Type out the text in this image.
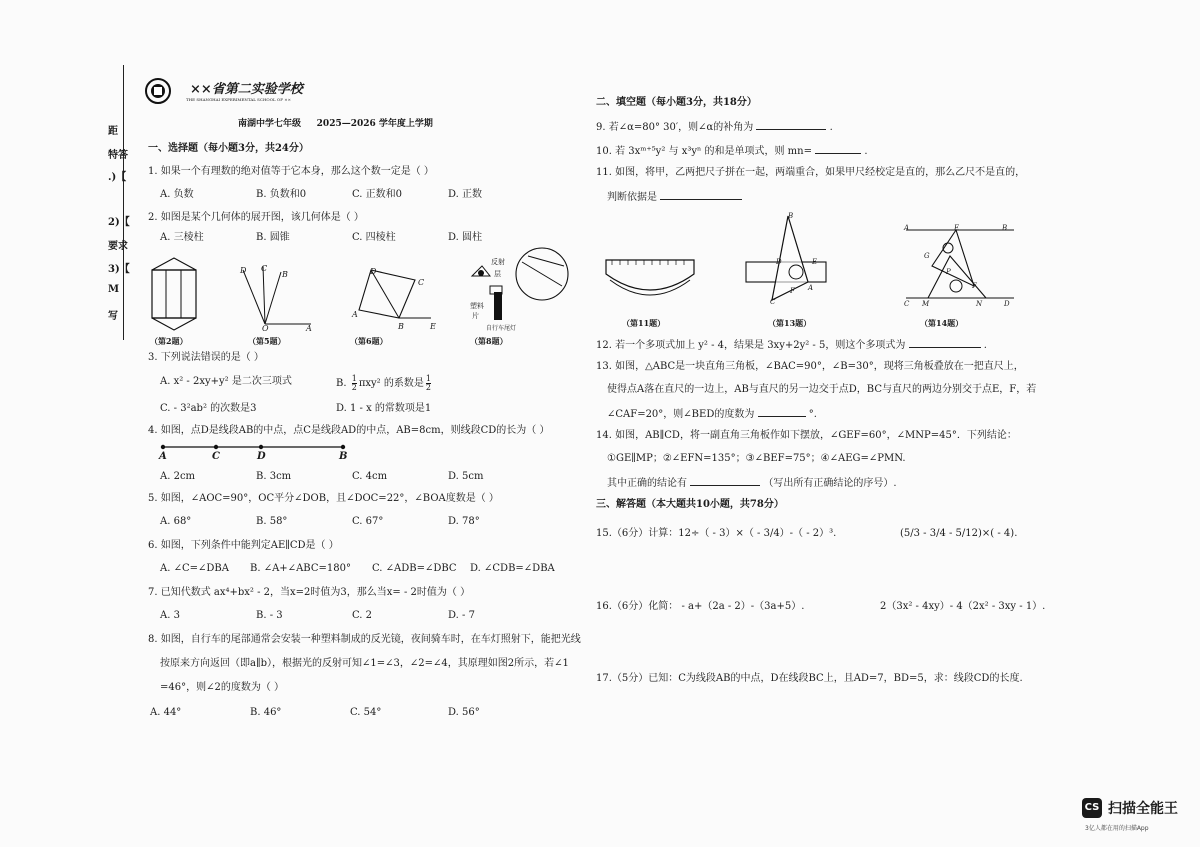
距
特答
.)【
2)【
要求
3)【
M
写
××省第二实验学校
THE SHANGHAI EXPERIMENTAL SCHOOL OF ××
南湖中学七年级     2025—2026 学年度上学期
一、选择题（每小题3分，共24分）
1. 如果一个有理数的绝对值等于它本身，那么这个数一定是（ ）
A. 负数	B. 负数和0	C. 正数和0	D. 正数
2. 如图是某个几何体的展开图，该几何体是（ ）
A. 三棱柱	B. 圆锥	C. 四棱柱	D. 圆柱
（第2题）
D C
B
O	A
（第5题）
D
A
C
B	E
（第6题）
反射
层
塑料
片
自行车尾灯
（第8题）
3. 下列说法错误的是（ ）
A. x² - 2xy+y² 是二次三项式	B. $\frac{1}{2} \pi xy^2$ 的系数是 $\frac{1}{2}$
C. - 3²ab² 的次数是3	D. 1 - x 的常数项是1
4. 如图，点D是线段AB的中点，点C是线段AD的中点，AB=8cm，则线段CD的长为（ ）
A	C	D	B
A. 2cm	B. 3cm	C. 4cm	D. 5cm
5. 如图，∠AOC=90°，OC平分∠DOB，且∠DOC=22°，∠BOA度数是（ ）
A. 68°	B. 58°	C. 67°	D. 78°
6. 如图，下列条件中能判定AE∥CD是（ ）
A. ∠C=∠DBA B. ∠A+∠ABC=180° C. ∠ADB=∠DBC D. ∠CDB=∠DBA
7. 已知代数式 ax⁴+bx² - 2，当x=2时值为3，那么当x= - 2时值为（ ）
A. 3	B. - 3	C. 2	D. - 7
8. 如图，自行车的尾部通常会安装一种塑料制成的反光镜，夜间骑车时，在车灯照射下，能把光线
按原来方向返回（即a∥b），根据光的反射可知∠1=∠3，∠2=∠4，其原理如图2所示，若∠1
=46°，则∠2的度数为（ ）
A. 44°	B. 46°	C. 54°	D. 56°
二、填空题（每小题3分，共18分）
9. 若∠α=80° 30′，则∠α的补角为	.
10. 若 3xᵐ⁺⁵y² 与 x³yⁿ 的和是单项式，则 mn=	.
11. 如图，将甲，乙两把尺子拼在一起，两端重合，如果甲尺经校定是直的，那么乙尺不是直的，
判断依据是
（第11题）
B
D	E
F
C
A
（第13题）
A	E	B
G
P
F
C M	N	D
（第14题）
12. 若一个多项式加上 y² - 4，结果是 3xy+2y² - 5，则这个多项式为	.
13. 如图，△ABC是一块直角三角板，∠BAC=90°，∠B=30°，现将三角板叠放在一把直尺上，
使得点A落在直尺的一边上，AB与直尺的另一边交于点D，BC与直尺的两边分别交于点E，F，若
∠CAF=20°，则∠BED的度数为	°.
14. 如图，AB∥CD，将一副直角三角板作如下摆放，∠GEF=60°，∠MNP=45°．下列结论：
①GE∥MP；②∠EFN=135°；③∠BEF=75°；④∠AEG=∠PMN.
其中正确的结论有	（写出所有正确结论的序号）.
三、解答题（本大题共10小题，共78分）
15.（6分）计算：12÷（ - 3）×（ - 3/4）-（ - 2）³.	(5/3 - 3/4 - 5/12)×( - 4).
16.（6分）化简： - a+（2a - 2）-（3a+5）.	2（3x² - 4xy）- 4（2x² - 3xy - 1）.
17.（5分）已知：C为线段AB的中点，D在线段BC上，且AD=7，BD=5，求：线段CD的长度.
CS 扫描全能王
3亿人都在用的扫描App
